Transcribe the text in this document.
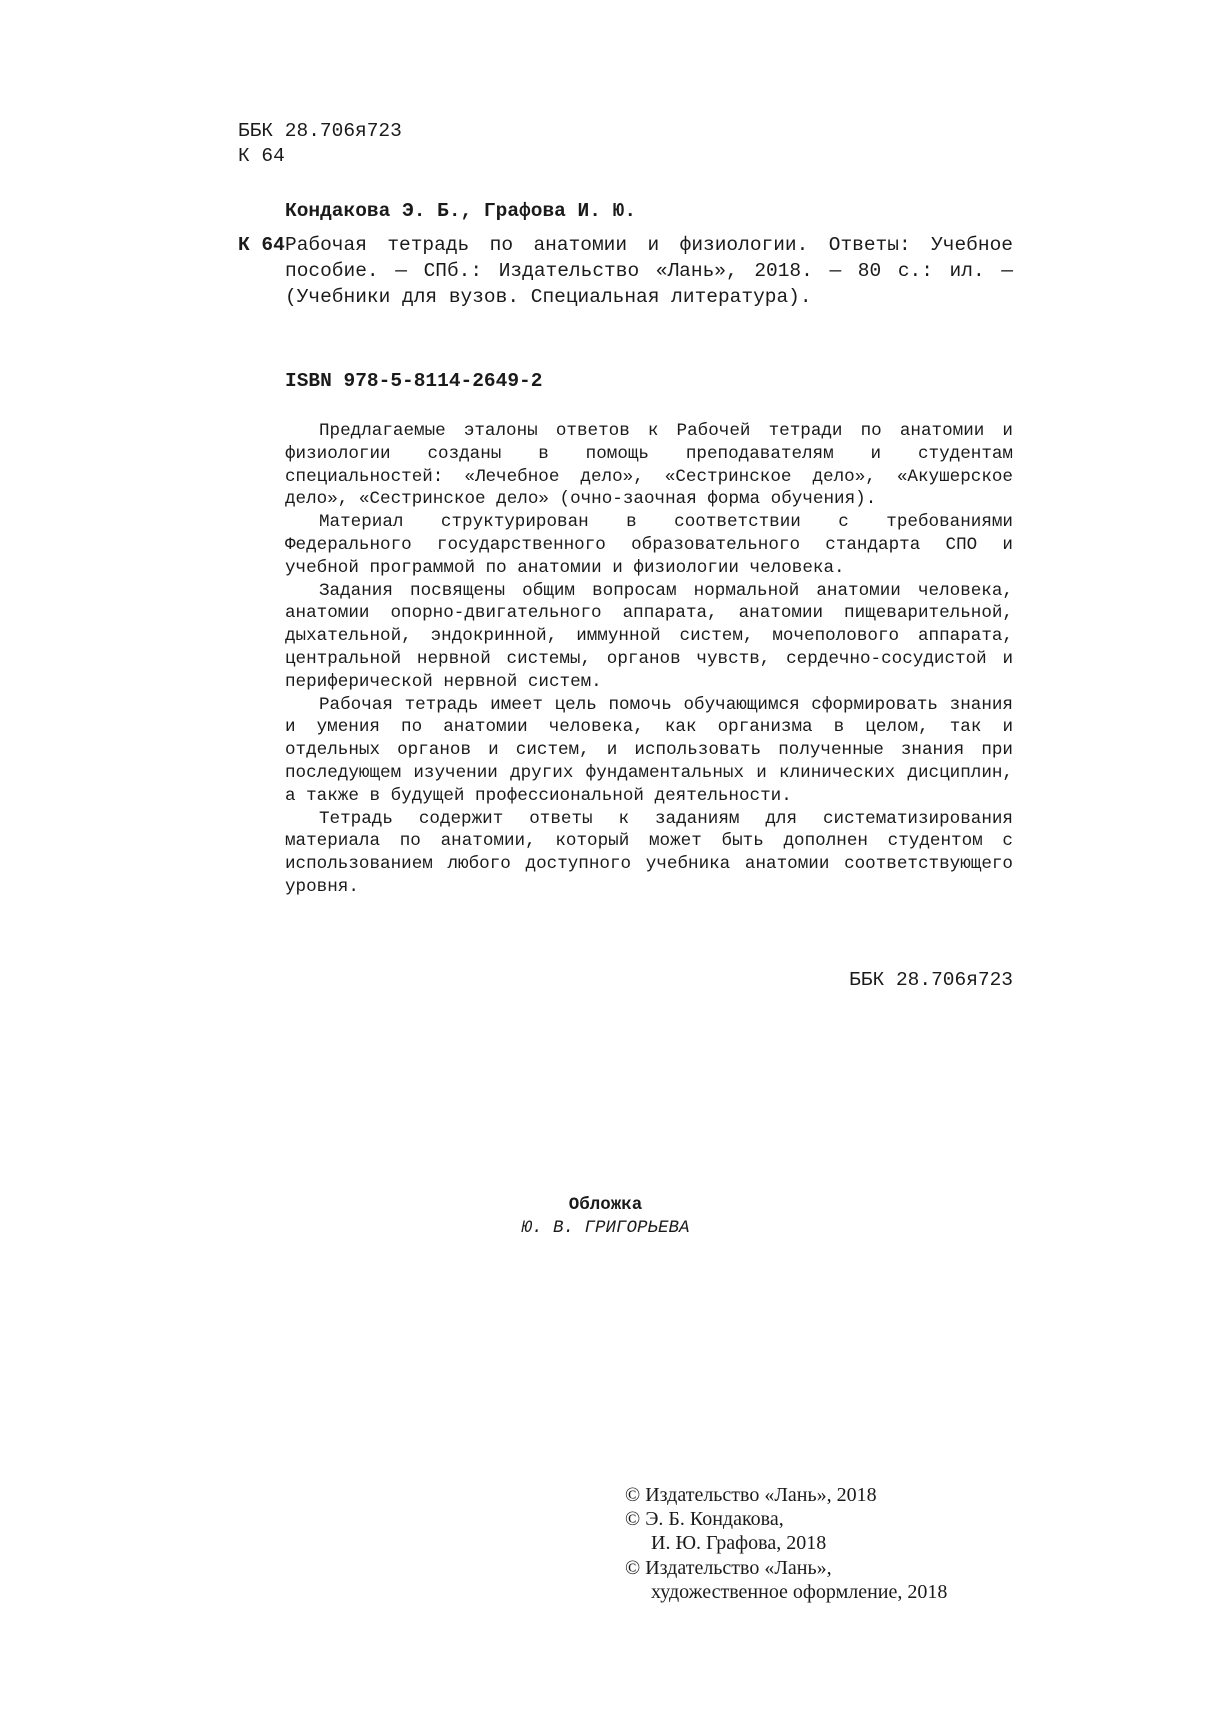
ББК 28.706я723
К 64
Кондакова Э. Б., Графова И. Ю.
К 64 Рабочая тетрадь по анатомии и физиологии. Ответы: Учебное пособие. — СПб.: Издательство «Лань», 2018. — 80 с.: ил. — (Учебники для вузов. Специальная литература).
ISBN 978-5-8114-2649-2

Предлагаемые эталоны ответов к Рабочей тетради по анатомии и физиологии созданы в помощь преподавателям и студентам специальностей: «Лечебное дело», «Сестринское дело», «Акушерское дело», «Сестринское дело» (очно-заочная форма обучения).

Материал структурирован в соответствии с требованиями Федерального государственного образовательного стандарта СПО и учебной программой по анатомии и физиологии человека.

Задания посвящены общим вопросам нормальной анатомии человека, анатомии опорно-двигательного аппарата, анатомии пищеварительной, дыхательной, эндокринной, иммунной систем, мочеполового аппарата, центральной нервной системы, органов чувств, сердечно-сосудистой и периферической нервной систем.

Рабочая тетрадь имеет цель помочь обучающимся сформировать знания и умения по анатомии человека, как организма в целом, так и отдельных органов и систем, и использовать полученные знания при последующем изучении других фундаментальных и клинических дисциплин, а также в будущей профессиональной деятельности.

Тетрадь содержит ответы к заданиям для систематизирования материала по анатомии, который может быть дополнен студентом с использованием любого доступного учебника анатомии соответствующего уровня.

ББК 28.706я723
Обложка
Ю. В. ГРИГОРЬЕВА
© Издательство «Лань», 2018
© Э. Б. Кондакова,
И. Ю. Графова, 2018
© Издательство «Лань»,
художественное оформление, 2018
